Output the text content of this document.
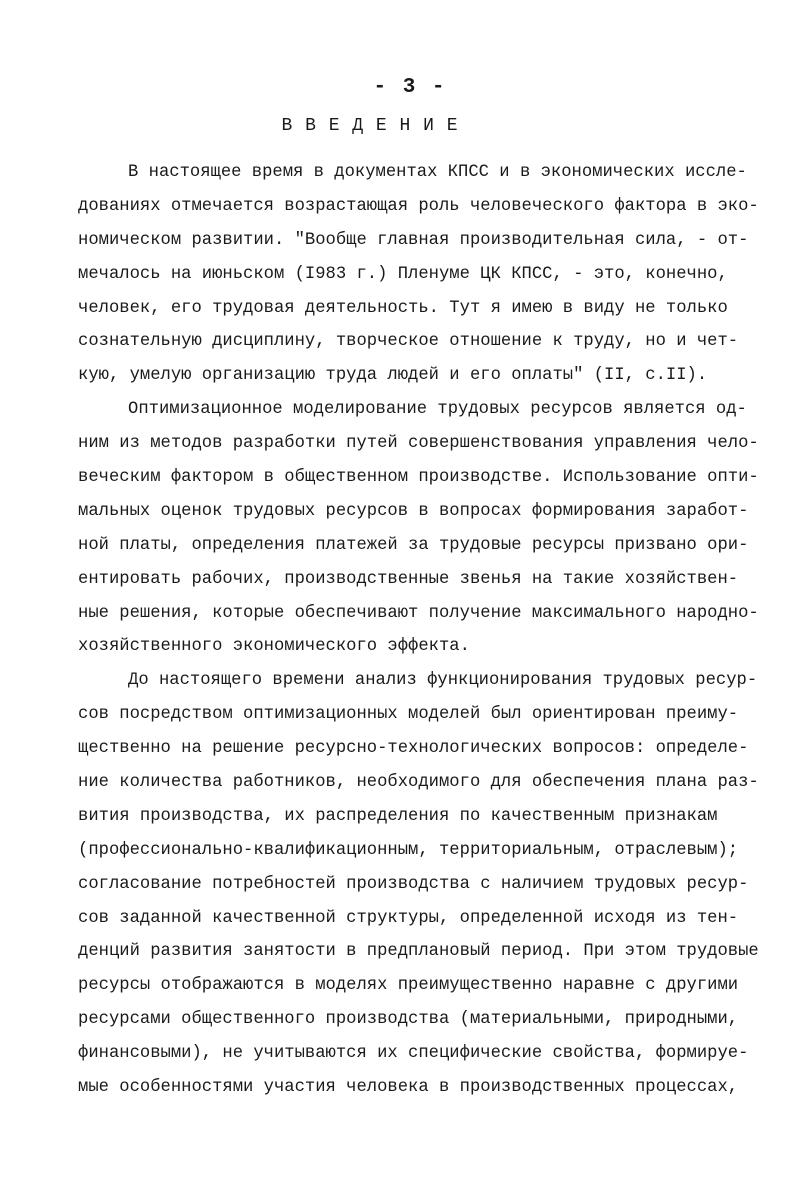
- 3 -
В В Е Д Е Н И Е
В настоящее время в документах КПСС и в экономических иссле-
дованиях отмечается возрастающая роль человеческого фактора в эко-
номическом развитии. "Вообще главная производительная сила, - от-
мечалось на июньском (I983 г.) Пленуме ЦК КПСС, - это, конечно,
человек, его трудовая деятельность. Тут я имею в виду не только
сознательную дисциплину, творческое отношение к труду, но и чет-
кую, умелую организацию труда людей и его оплаты" (II, с.II).
Оптимизационное моделирование трудовых ресурсов является од-
ним из методов разработки путей совершенствования управления чело-
веческим фактором в общественном производстве. Использование опти-
мальных оценок трудовых ресурсов в вопросах формирования заработ-
ной платы, определения платежей за трудовые ресурсы призвано ори-
ентировать рабочих, производственные звенья на такие хозяйствен-
ные решения, которые обеспечивают получение максимального народно-
хозяйственного экономического эффекта.
До настоящего времени анализ функционирования трудовых ресур-
сов посредством оптимизационных моделей был ориентирован преиму-
щественно на решение ресурсно-технологических вопросов: определе-
ние количества работников, необходимого для обеспечения плана раз-
вития производства, их распределения по качественным признакам
(профессионально-квалификационным, территориальным, отраслевым);
согласование потребностей производства с наличием трудовых ресур-
сов заданной качественной структуры, определенной исходя из тен-
денций развития занятости в предплановый период. При этом трудовые
ресурсы отображаются в моделях преимущественно наравне с другими
ресурсами общественного производства (материальными, природными,
финансовыми), не учитываются их специфические свойства, формируе-
мые особенностями участия человека в производственных процессах,
